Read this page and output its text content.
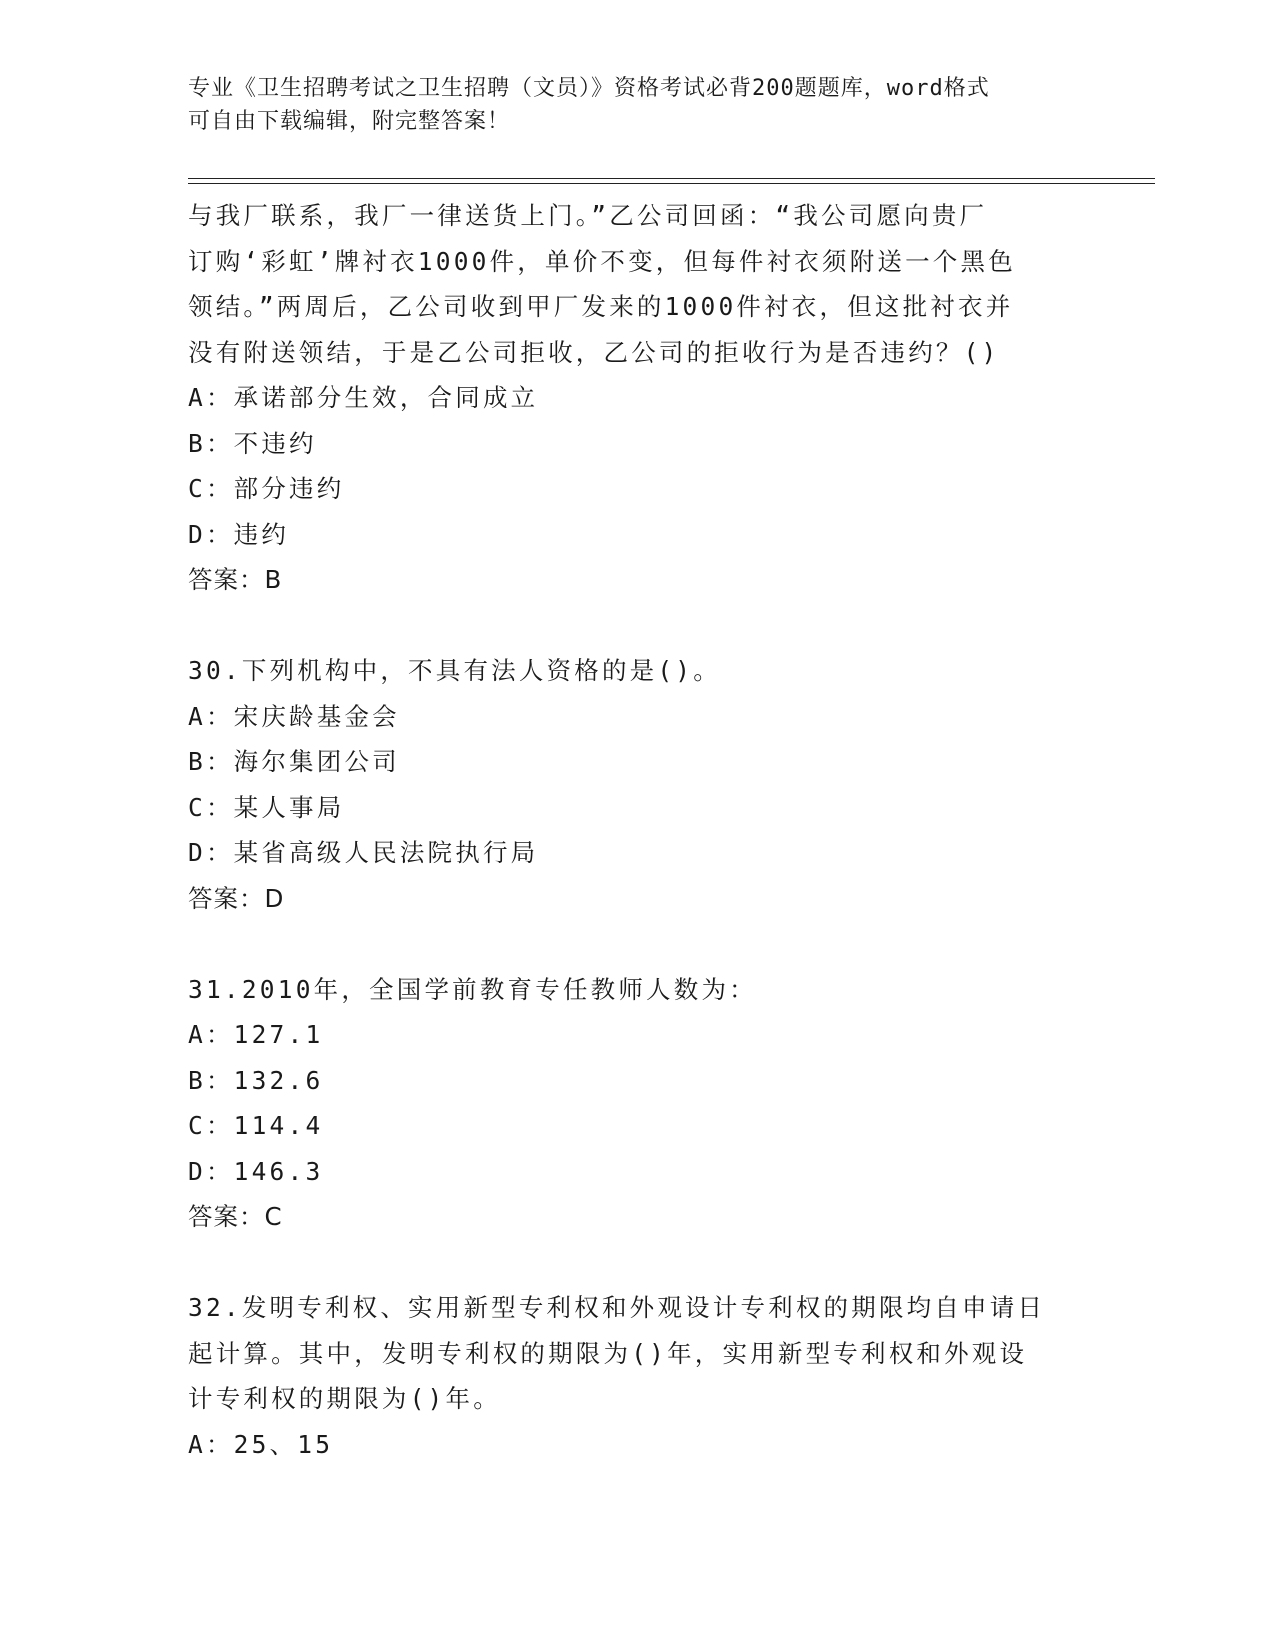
专业《卫生招聘考试之卫生招聘（文员）》资格考试必背200题题库，word格式
可自由下载编辑，附完整答案！
与我厂联系，我厂一律送货上门。”乙公司回函：“我公司愿向贵厂
订购‘彩虹’牌衬衣1000件，单价不变，但每件衬衣须附送一个黑色
领结。”两周后，乙公司收到甲厂发来的1000件衬衣，但这批衬衣并
没有附送领结，于是乙公司拒收，乙公司的拒收行为是否违约？()
A：承诺部分生效，合同成立
B：不违约
C：部分违约
D：违约
答案：B
30.下列机构中，不具有法人资格的是()。
A：宋庆龄基金会
B：海尔集团公司
C：某人事局
D：某省高级人民法院执行局
答案：D
31.2010年，全国学前教育专任教师人数为：
A：127.1
B：132.6
C：114.4
D：146.3
答案：C
32.发明专利权、实用新型专利权和外观设计专利权的期限均自申请日
起计算。其中，发明专利权的期限为()年，实用新型专利权和外观设
计专利权的期限为()年。
A：25、15
